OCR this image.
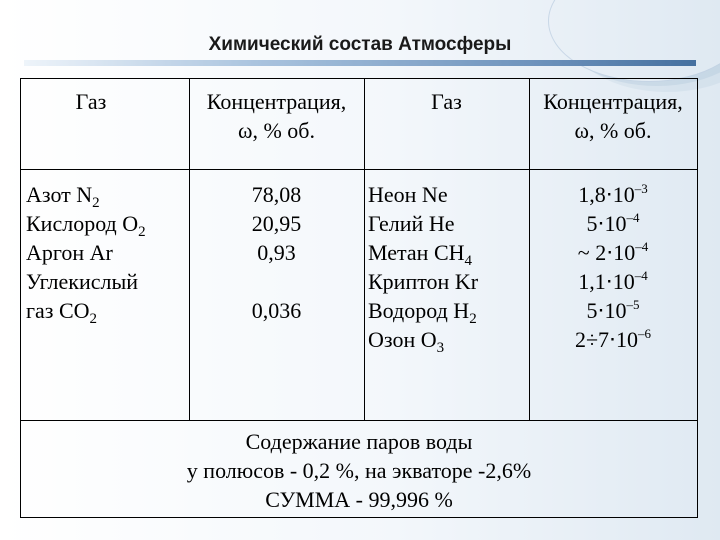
Химический состав Атмосферы
Газ	Концентрация,
ω, % об.
Газ	Концентрация,
ω, % об.
Азот $N_2$
Кислород $O_2$
Аргон Ar
Углекислый
газ $CO_2$
78,08
20,95
0,93

0,036
Неон Ne
Гелий He
Метан $CH_4$
Криптон Kr
Водород $H_2$
Озон $O_3$
$1,8\cdot 10^{-3}$
$5\cdot 10^{-4}$
~ $2\cdot 10^{-4}$
$1,1\cdot 10^{-4}$
$5\cdot 10^{-5}$
$2\div 7\cdot 10^{-6}$
Содержание паров воды
у полюсов - 0,2 %, на экваторе -2,6%
СУММА - 99,996 %
